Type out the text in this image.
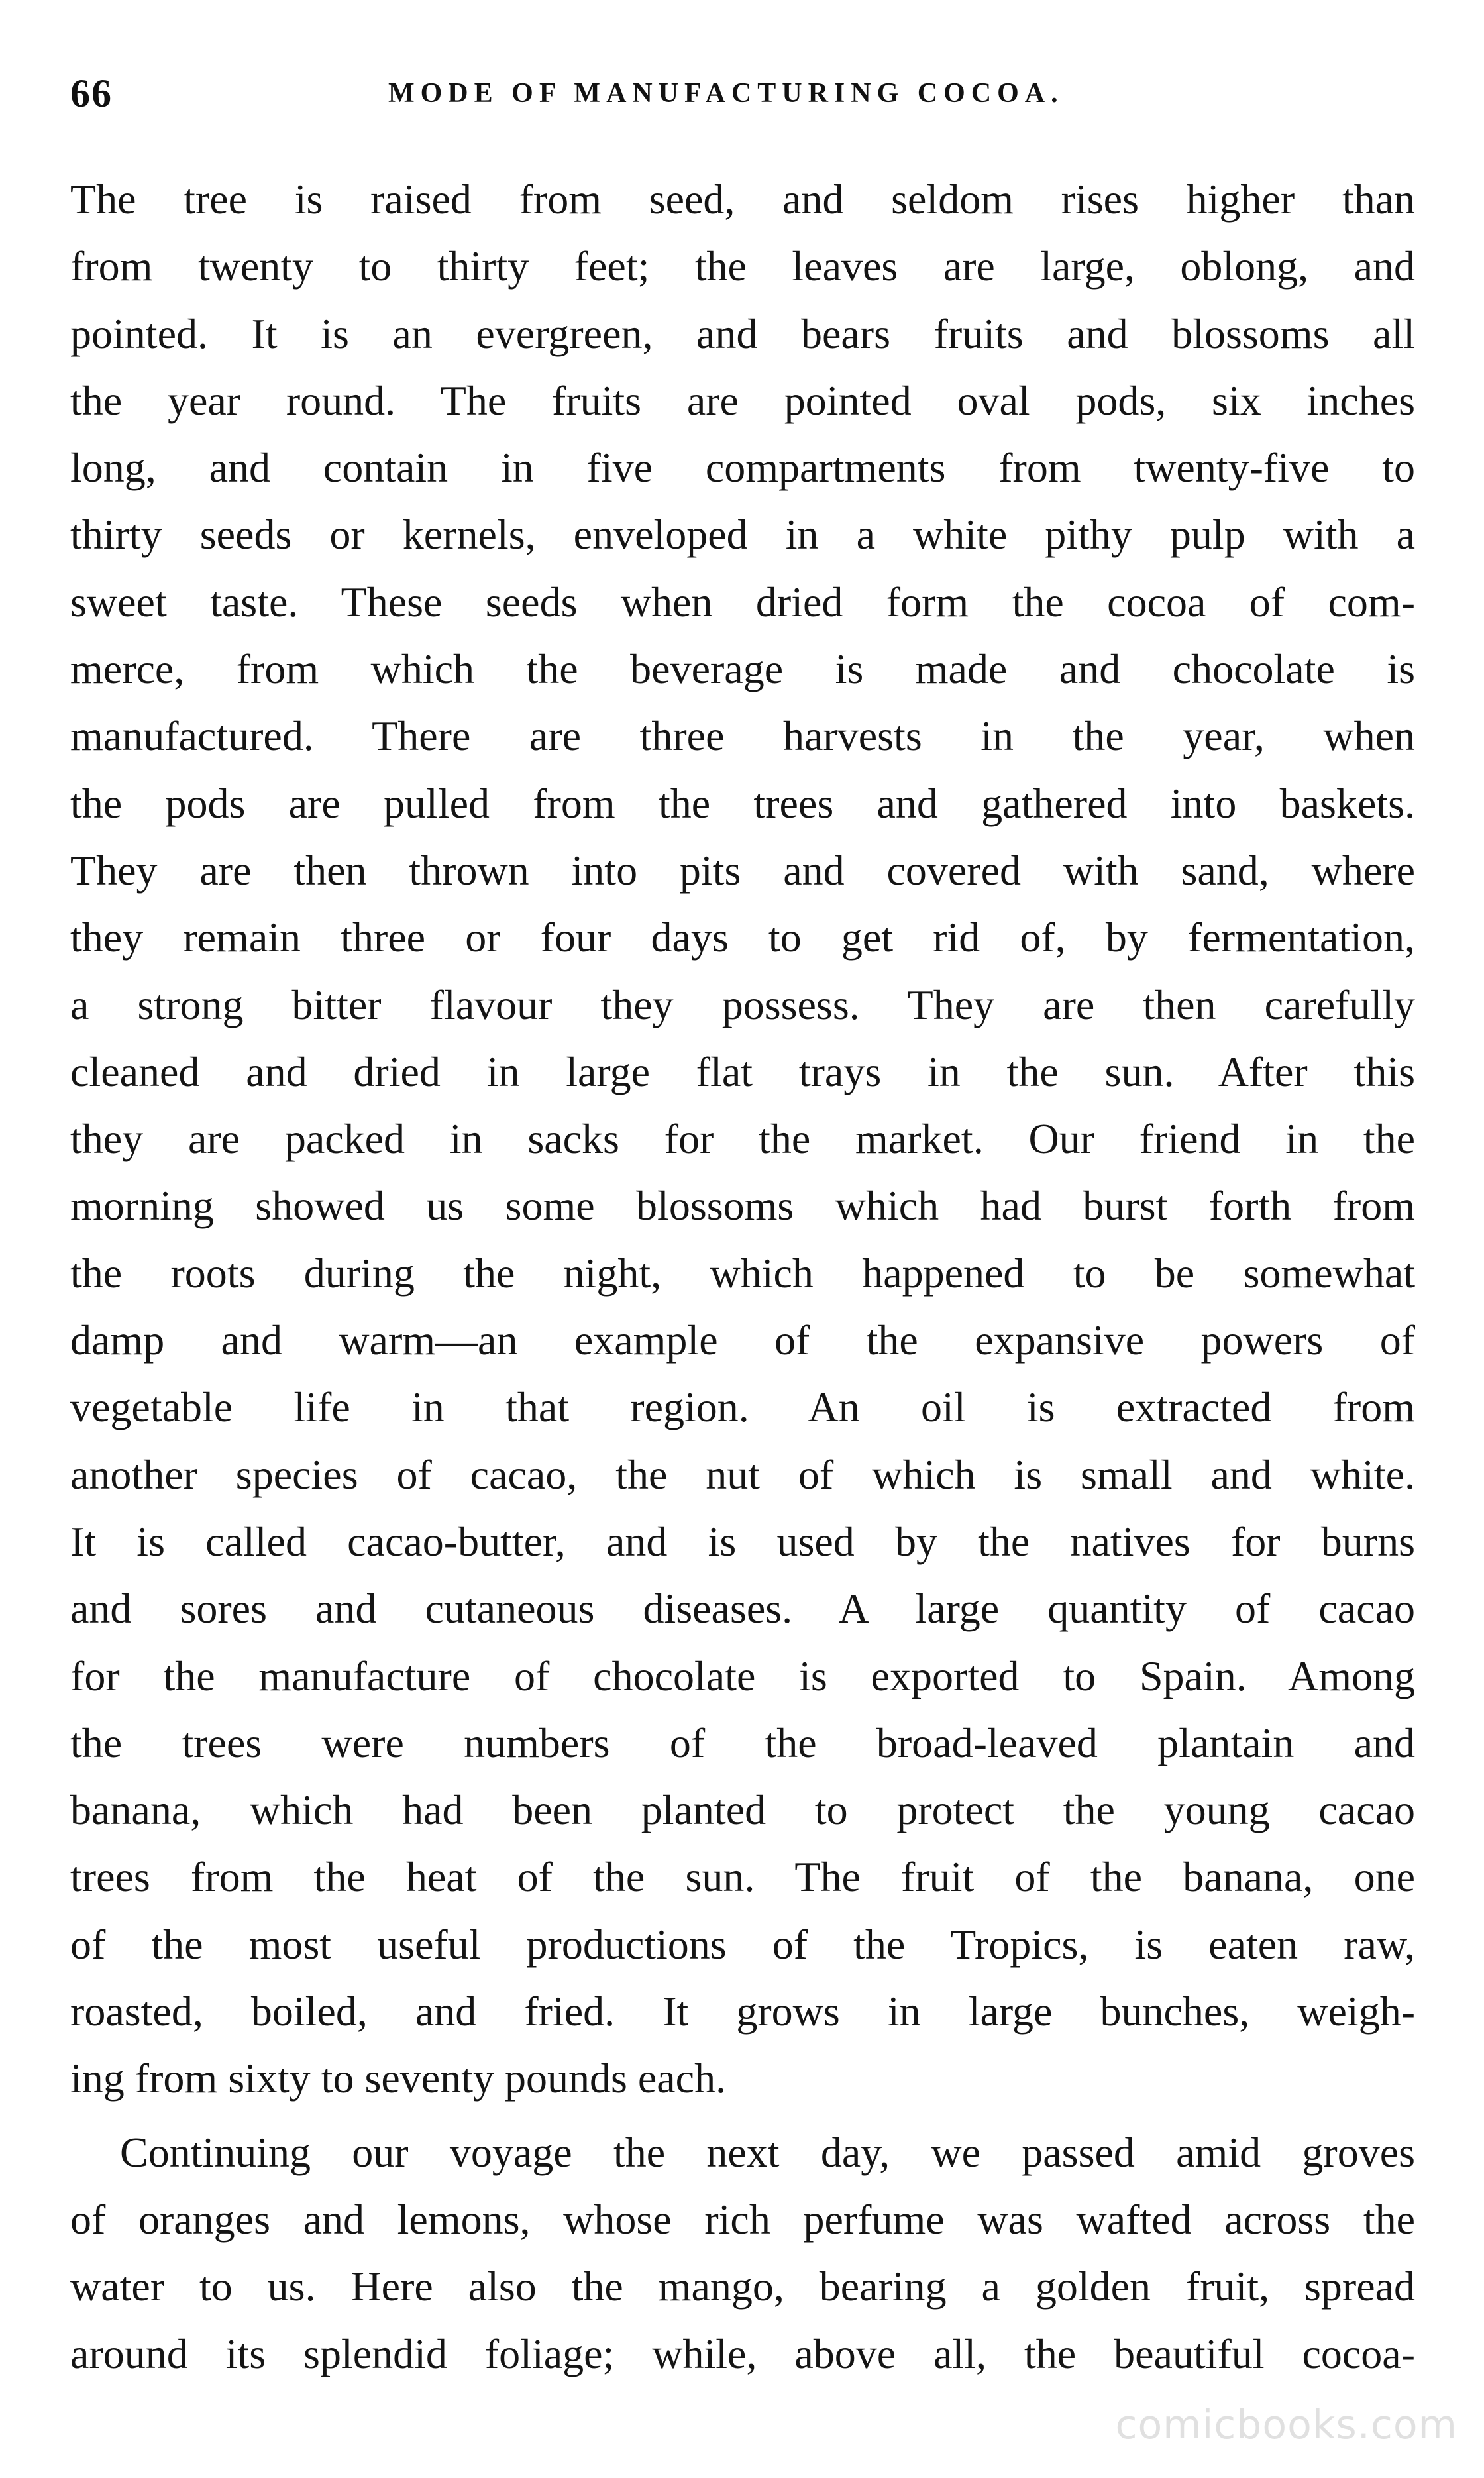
66	MODE OF MANUFACTURING COCOA.
The tree is raised from seed, and seldom rises higher than
from twenty to thirty feet; the leaves are large, oblong, and
pointed. It is an evergreen, and bears fruits and blossoms all
the year round. The fruits are pointed oval pods, six inches
long, and contain in five compartments from twenty-five to
thirty seeds or kernels, enveloped in a white pithy pulp with a
sweet taste. These seeds when dried form the cocoa of com-
merce, from which the beverage is made and chocolate is
manufactured. There are three harvests in the year, when
the pods are pulled from the trees and gathered into baskets.
They are then thrown into pits and covered with sand, where
they remain three or four days to get rid of, by fermentation,
a strong bitter flavour they possess. They are then carefully
cleaned and dried in large flat trays in the sun. After this
they are packed in sacks for the market. Our friend in the
morning showed us some blossoms which had burst forth from
the roots during the night, which happened to be somewhat
damp and warm—an example of the expansive powers of
vegetable life in that region. An oil is extracted from
another species of cacao, the nut of which is small and white.
It is called cacao-butter, and is used by the natives for burns
and sores and cutaneous diseases. A large quantity of cacao
for the manufacture of chocolate is exported to Spain. Among
the trees were numbers of the broad-leaved plantain and
banana, which had been planted to protect the young cacao
trees from the heat of the sun. The fruit of the banana, one
of the most useful productions of the Tropics, is eaten raw,
roasted, boiled, and fried. It grows in large bunches, weigh-
ing from sixty to seventy pounds each.
Continuing our voyage the next day, we passed amid groves
of oranges and lemons, whose rich perfume was wafted across the
water to us. Here also the mango, bearing a golden fruit, spread
around its splendid foliage; while, above all, the beautiful cocoa-
comicbooks.com
